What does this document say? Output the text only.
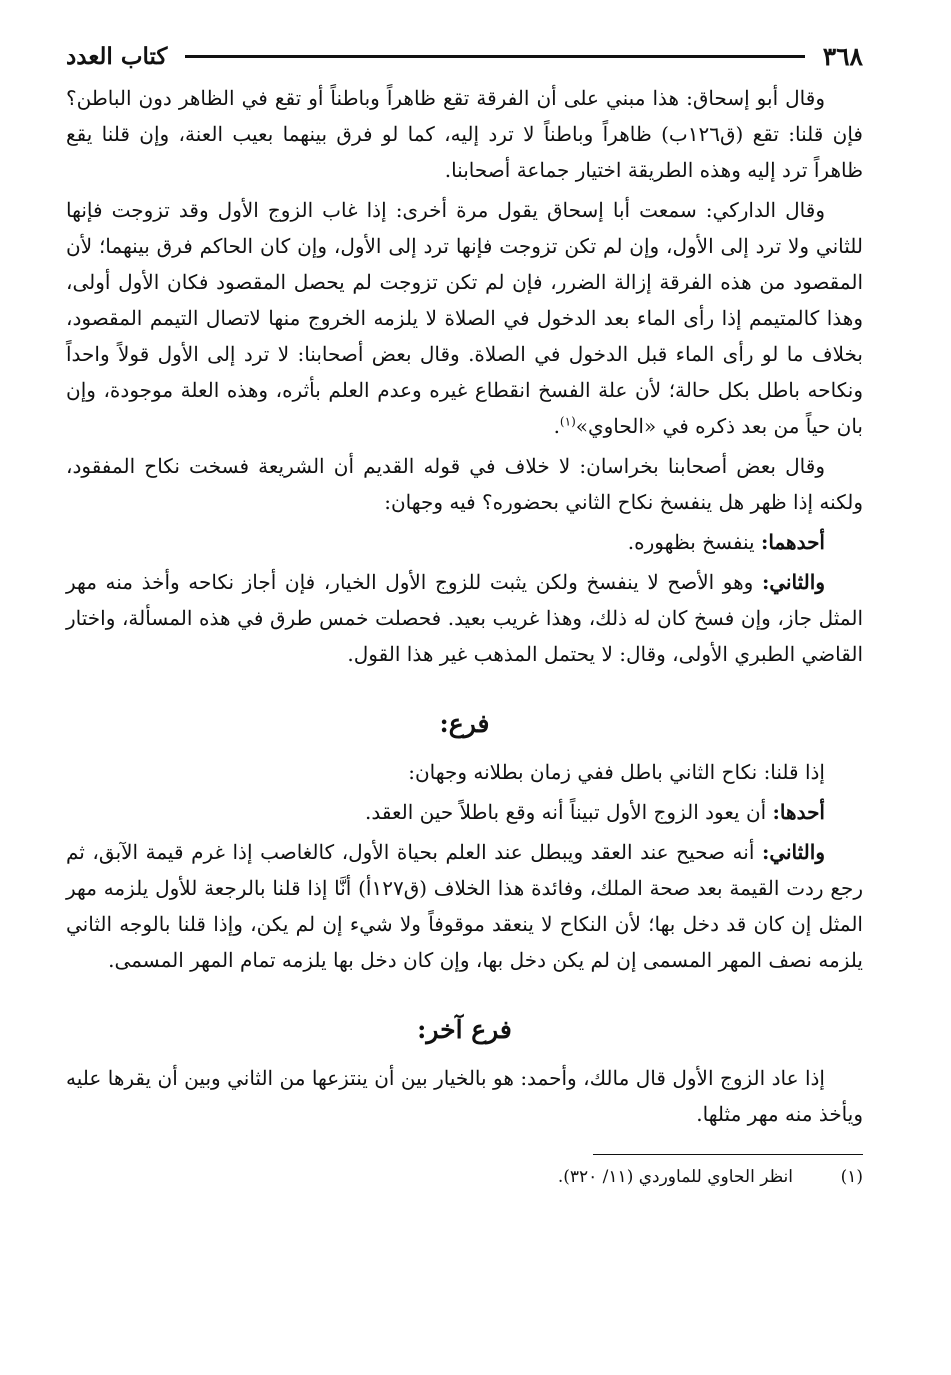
٣٦٨
كتاب العدد

وقال أبو إسحاق: هذا مبني على أن الفرقة تقع ظاهراً وباطناً أو تقع في الظاهر دون الباطن؟ فإن قلنا: تقع (ق١٢٦ب) ظاهراً وباطناً لا ترد إليه، كما لو فرق بينهما بعيب العنة، وإن قلنا يقع ظاهراً ترد إليه وهذه الطريقة اختيار جماعة أصحابنا.

وقال الداركي: سمعت أبا إسحاق يقول مرة أخرى: إذا غاب الزوج الأول وقد تزوجت فإنها للثاني ولا ترد إلى الأول، وإن لم تكن تزوجت فإنها ترد إلى الأول، وإن كان الحاكم فرق بينهما؛ لأن المقصود من هذه الفرقة إزالة الضرر، فإن لم تكن تزوجت لم يحصل المقصود فكان الأول أولى، وهذا كالمتيمم إذا رأى الماء بعد الدخول في الصلاة لا يلزمه الخروج منها لاتصال التيمم المقصود، بخلاف ما لو رأى الماء قبل الدخول في الصلاة. وقال بعض أصحابنا: لا ترد إلى الأول قولاً واحداً ونكاحه باطل بكل حالة؛ لأن علة الفسخ انقطاع غيره وعدم العلم بأثره، وهذه العلة موجودة، وإن بان حياً من بعد ذكره في «الحاوي»$^{(١)}$.

وقال بعض أصحابنا بخراسان: لا خلاف في قوله القديم أن الشريعة فسخت نكاح المفقود، ولكنه إذا ظهر هل ينفسخ نكاح الثاني بحضوره؟ فيه وجهان:

أحدهما: ينفسخ بظهوره.

والثاني: وهو الأصح لا ينفسخ ولكن يثبت للزوج الأول الخيار، فإن أجاز نكاحه وأخذ منه مهر المثل جاز، وإن فسخ كان له ذلك، وهذا غريب بعيد. فحصلت خمس طرق في هذه المسألة، واختار القاضي الطبري الأولى، وقال: لا يحتمل المذهب غير هذا القول.

فرع:

إذا قلنا: نكاح الثاني باطل ففي زمان بطلانه وجهان:

أحدها: أن يعود الزوج الأول تبيناً أنه وقع باطلاً حين العقد.

والثاني: أنه صحيح عند العقد ويبطل عند العلم بحياة الأول، كالغاصب إذا غرم قيمة الآبق، ثم رجع ردت القيمة بعد صحة الملك، وفائدة هذا الخلاف (ق١٢٧أ) أنَّا إذا قلنا بالرجعة للأول يلزمه مهر المثل إن كان قد دخل بها؛ لأن النكاح لا ينعقد موقوفاً ولا شيء إن لم يكن، وإذا قلنا بالوجه الثاني يلزمه نصف المهر المسمى إن لم يكن دخل بها، وإن كان دخل بها يلزمه تمام المهر المسمى.

فرع آخر:

إذا عاد الزوج الأول قال مالك، وأحمد: هو بالخيار بين أن ينتزعها من الثاني وبين أن يقرها عليه ويأخذ منه مهر مثلها.

(١)انظر الحاوي للماوردي (١١/ ٣٢٠).
